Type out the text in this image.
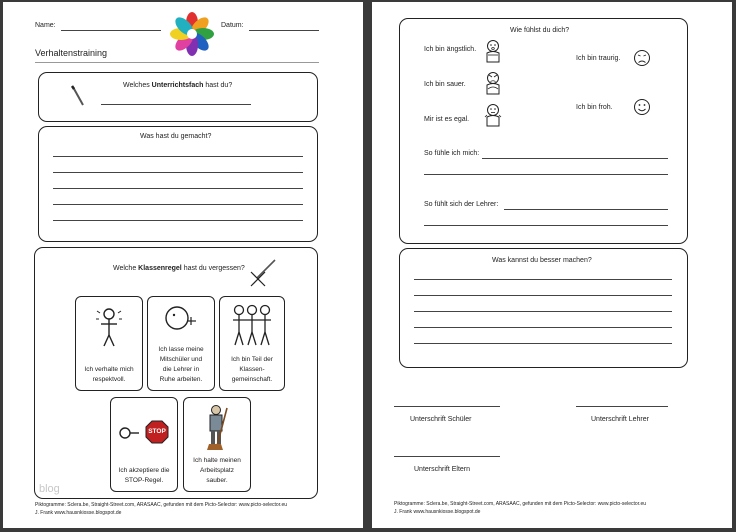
Name:	Datum:
Verhaltenstraining
Welches Unterrichtsfach hast du?
Was hast du gemacht?
Welche Klassenregel hast du vergessen?
Ich verhalte mich
respektvoll.
Ich lasse meine
Mitschüler und
die Lehrer in
Ruhe arbeiten.
Ich bin Teil der
Klassen-
gemeinschaft.
STOP
Ich akzeptiere die
STOP-Regel.
Ich halte meinen
Arbeitsplatz
sauber.
blog
Piktogramme: Sclera.be, Straight-Street.com, ARASAAC, gefunden mit dem Picto-Selector: www.picto-selector.eu
J. Frank www.hausnkiosse.blogspot.de
Wie fühlst du dich?
Ich bin ängstlich.
Ich bin traurig.
Ich bin sauer.
Ich bin froh.
Mir ist es egal.
So fühle ich mich:
So fühlt sich der Lehrer:
Was kannst du besser machen?
Unterschrift Schüler	Unterschrift Lehrer
Unterschrift Eltern
Piktogramme: Sclera.be, Straight-Street.com, ARASAAC, gefunden mit dem Picto-Selector: www.picto-selector.eu
J. Frank www.hausnkiosse.blogspot.de
